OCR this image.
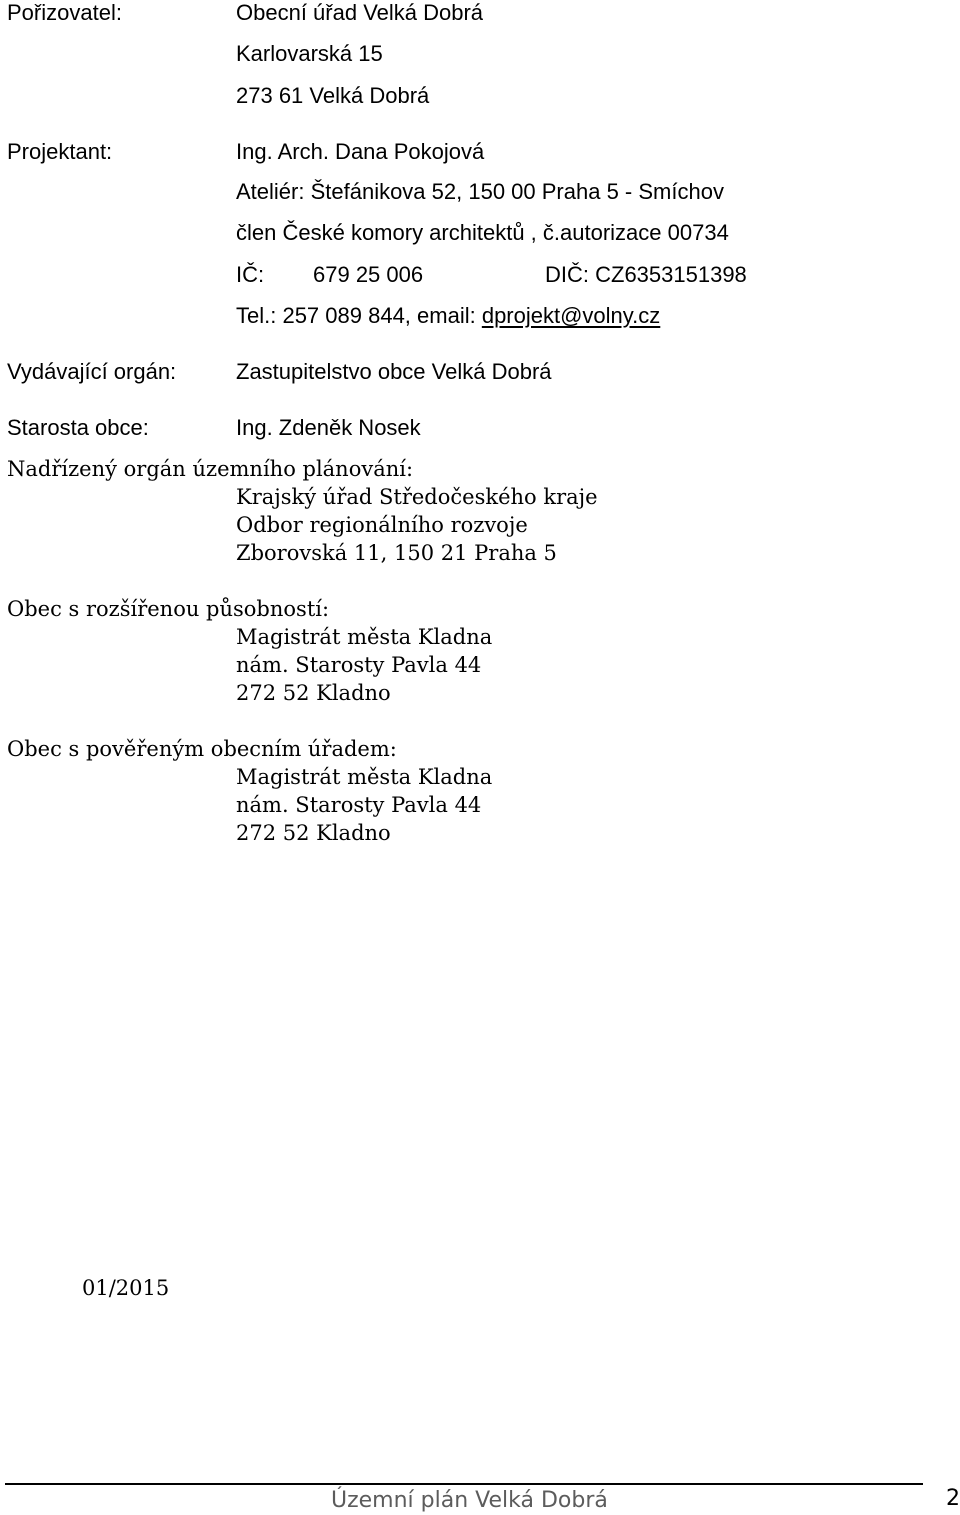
Pořizovatel:	Obecní úřad Velká Dobrá
Karlovarská 15
273 61 Velká Dobrá
Projektant:	Ing. Arch. Dana Pokojová
Ateliér: Štefánikova 52, 150 00 Praha 5 - Smíchov
člen České komory architektů , č.autorizace 00734
IČ: 679 25 006	DIČ: CZ6353151398
Tel.: 257 089 844, email: dprojekt@volny.cz
Vydávající orgán:	Zastupitelstvo obce Velká Dobrá
Starosta obce:	Ing. Zdeněk Nosek
Nadřízený orgán územního plánování:
Krajský úřad Středočeského kraje
Odbor regionálního rozvoje
Zborovská 11, 150 21 Praha 5
Obec s rozšířenou působností:
Magistrát města Kladna
nám. Starosty Pavla 44
272 52 Kladno
Obec s pověřeným obecním úřadem:
Magistrát města Kladna
nám. Starosty Pavla 44
272 52 Kladno
01/2015
Územní plán Velká Dobrá	2
